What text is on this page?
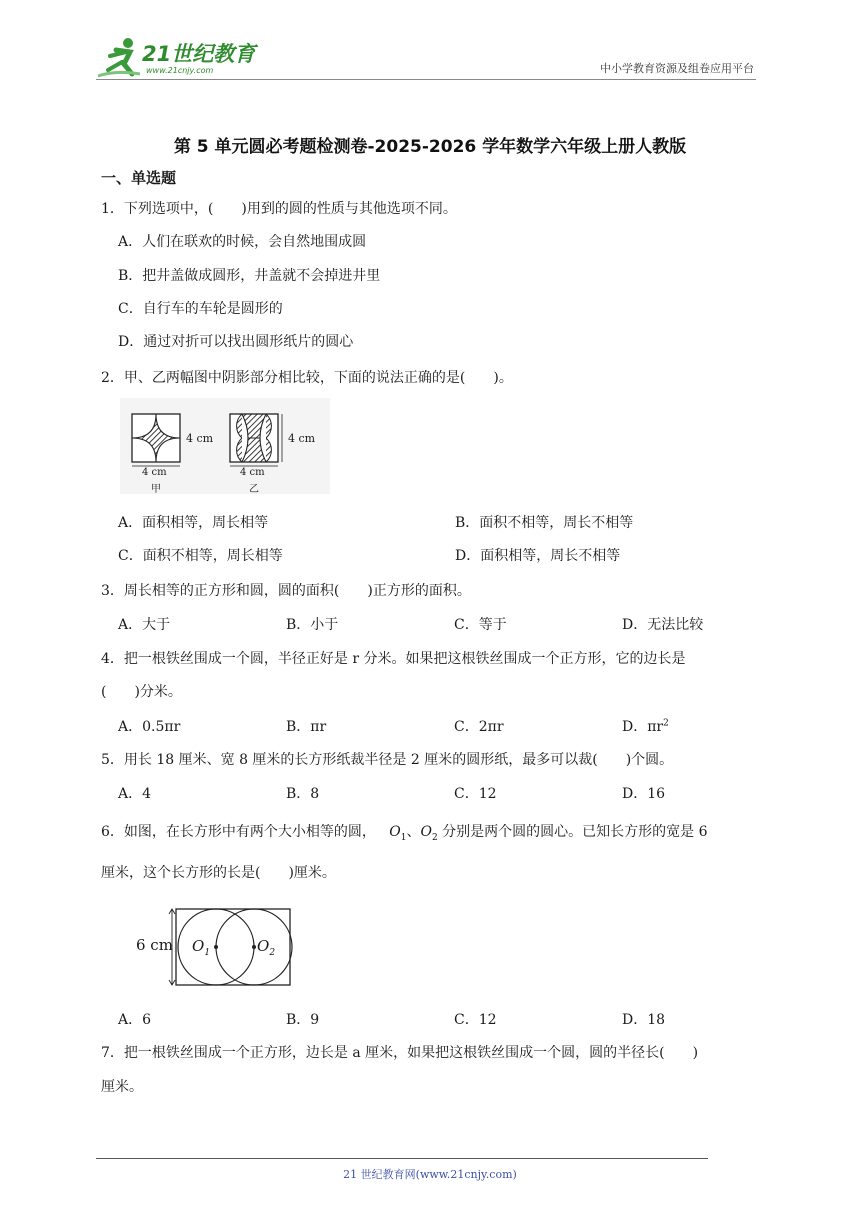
21世纪教育
www.21cnjy.com	中小学教育资源及组卷应用平台
第 5 单元圆必考题检测卷-2025-2026 学年数学六年级上册人教版
一、单选题
1．下列选项中，(　　)用到的圆的性质与其他选项不同。
A．人们在联欢的时候，会自然地围成圆
B．把井盖做成圆形，井盖就不会掉进井里
C．自行车的车轮是圆形的
D．通过对折可以找出圆形纸片的圆心
2．甲、乙两幅图中阴影部分相比较，下面的说法正确的是(　　)。
4 cm	4 cm
4 cm	4 cm
甲	乙
A．面积相等，周长相等	B．面积不相等，周长不相等
C．面积不相等，周长相等	D．面积相等，周长不相等
3．周长相等的正方形和圆，圆的面积(　　)正方形的面积。
A．大于	B．小于	C．等于	D．无法比较
4．把一根铁丝围成一个圆，半径正好是 r 分米。如果把这根铁丝围成一个正方形，它的边长是
(　　)分米。
A．0.5πr	B．πr	C．2πr	D．$\pi r^2$
5．用长 18 厘米、宽 8 厘米的长方形纸裁半径是 2 厘米的圆形纸，最多可以裁(　　)个圆。
A．4	B．8	C．12	D．16
6．如图，在长方形中有两个大小相等的圆， $O_1$、$O_2$ 分别是两个圆的圆心。已知长方形的宽是 6
厘米，这个长方形的长是(　　)厘米。
6 cm $O_1$	$O_2$
A．6	B．9	C．12	D．18
7．把一根铁丝围成一个正方形，边长是 a 厘米，如果把这根铁丝围成一个圆，圆的半径长(　　)
厘米。
21 世纪教育网(www.21cnjy.com)
